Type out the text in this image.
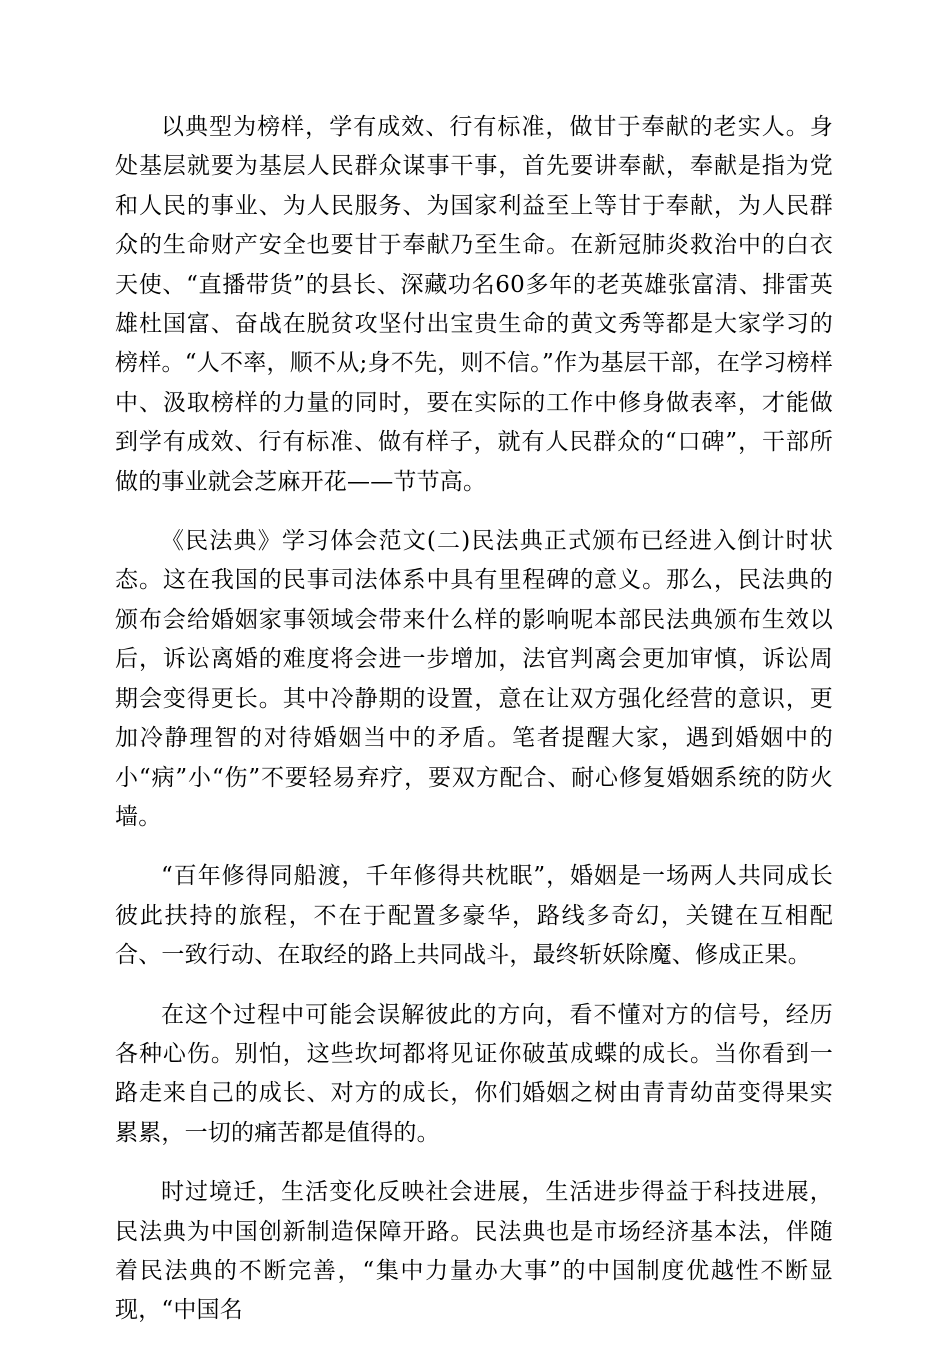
以典型为榜样，学有成效、行有标准，做甘于奉献的老实人。身处基层就要为基层人民群众谋事干事，首先要讲奉献，奉献是指为党和人民的事业、为人民服务、为国家利益至上等甘于奉献，为人民群众的生命财产安全也要甘于奉献乃至生命。在新冠肺炎救治中的白衣天使、“直播带货”的县长、深藏功名60多年的老英雄张富清、排雷英雄杜国富、奋战在脱贫攻坚付出宝贵生命的黄文秀等都是大家学习的榜样。“人不率，顺不从;身不先，则不信。”作为基层干部，在学习榜样中、汲取榜样的力量的同时，要在实际的工作中修身做表率，才能做到学有成效、行有标准、做有样子，就有人民群众的“口碑”，干部所做的事业就会芝麻开花——节节高。

《民法典》学习体会范文(二)民法典正式颁布已经进入倒计时状态。这在我国的民事司法体系中具有里程碑的意义。那么，民法典的颁布会给婚姻家事领域会带来什么样的影响呢本部民法典颁布生效以后，诉讼离婚的难度将会进一步增加，法官判离会更加审慎，诉讼周期会变得更长。其中冷静期的设置，意在让双方强化经营的意识，更加冷静理智的对待婚姻当中的矛盾。笔者提醒大家，遇到婚姻中的小“病”小“伤”不要轻易弃疗，要双方配合、耐心修复婚姻系统的防火墙。

“百年修得同船渡，千年修得共枕眠”，婚姻是一场两人共同成长彼此扶持的旅程，不在于配置多豪华，路线多奇幻，关键在互相配合、一致行动、在取经的路上共同战斗，最终斩妖除魔、修成正果。

在这个过程中可能会误解彼此的方向，看不懂对方的信号，经历各种心伤。别怕，这些坎坷都将见证你破茧成蝶的成长。当你看到一路走来自己的成长、对方的成长，你们婚姻之树由青青幼苗变得果实累累，一切的痛苦都是值得的。

时过境迁，生活变化反映社会进展，生活进步得益于科技进展，民法典为中国创新制造保障开路。民法典也是市场经济基本法，伴随着民法典的不断完善，“集中力量办大事”的中国制度优越性不断显现，“中国名
